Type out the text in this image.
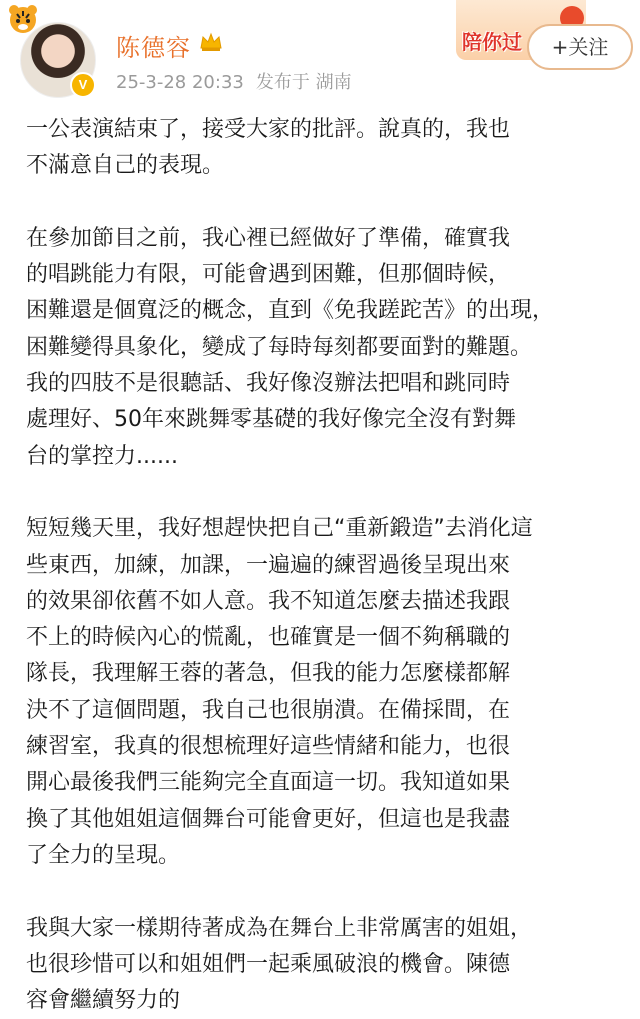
V
陈德容
25-3-28 20:33 发布于 湖南
陪你过	+关注
一公表演結束了，接受大家的批評。說真的，我也
不滿意自己的表現。
在參加節目之前，我心裡已經做好了準備，確實我
的唱跳能力有限，可能會遇到困難，但那個時候，
困難還是個寬泛的概念，直到《免我蹉跎苦》的出現，
困難變得具象化，變成了每時每刻都要面對的難題。
我的四肢不是很聽話、我好像沒辦法把唱和跳同時
處理好、50年來跳舞零基礎的我好像完全沒有對舞
台的掌控力......
短短幾天里，我好想趕快把自己“重新鍛造”去消化這
些東西，加練，加課，一遍遍的練習過後呈現出來
的效果卻依舊不如人意。我不知道怎麼去描述我跟
不上的時候內心的慌亂，也確實是一個不夠稱職的
隊長，我理解王蓉的著急，但我的能力怎麼樣都解
決不了這個問題，我自己也很崩潰。在備採間，在
練習室，我真的很想梳理好這些情緒和能力，也很
開心最後我們三能夠完全直面這一切。我知道如果
換了其他姐姐這個舞台可能會更好，但這也是我盡
了全力的呈現。
我與大家一樣期待著成為在舞台上非常厲害的姐姐，
也很珍惜可以和姐姐們一起乘風破浪的機會。陳德
容會繼續努力的
